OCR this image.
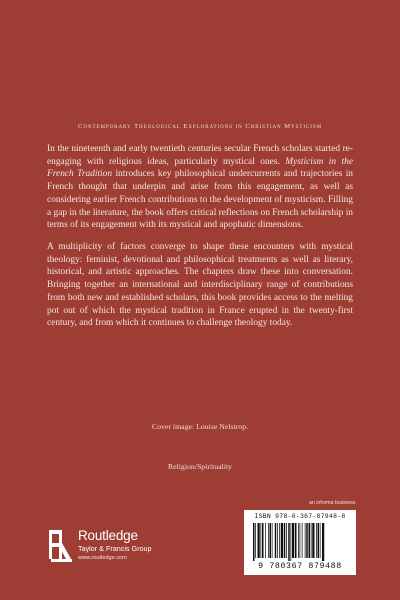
Contemporary Theological Explorations in Christian Mysticism

In the nineteenth and early twentieth centuries secular French scholars started re-engaging with religious ideas, particularly mystical ones. Mysticism in the French Tradition introduces key philosophical undercurrents and trajectories in French thought that underpin and arise from this engagement, as well as considering earlier French contributions to the development of mysticism. Filling a gap in the literature, the book offers critical reflections on French scholarship in terms of its engagement with its mystical and apophatic dimensions.

A multiplicity of factors converge to shape these encounters with mystical theology: feminist, devotional and philosophical treatments as well as literary, historical, and artistic approaches. The chapters draw these into conversation. Bringing together an international and interdisciplinary range of contributions from both new and established scholars, this book provides access to the melting pot out of which the mystical tradition in France erupted in the twenty-first century, and from which it continues to challenge theology today.

Cover image: Louise Nelstrop.
Religion/Spirituality
an informa business
Routledge
Taylor & Francis Group
www.routledge.com
ISBN 978-0-367-87948-8
9 780367 879488
